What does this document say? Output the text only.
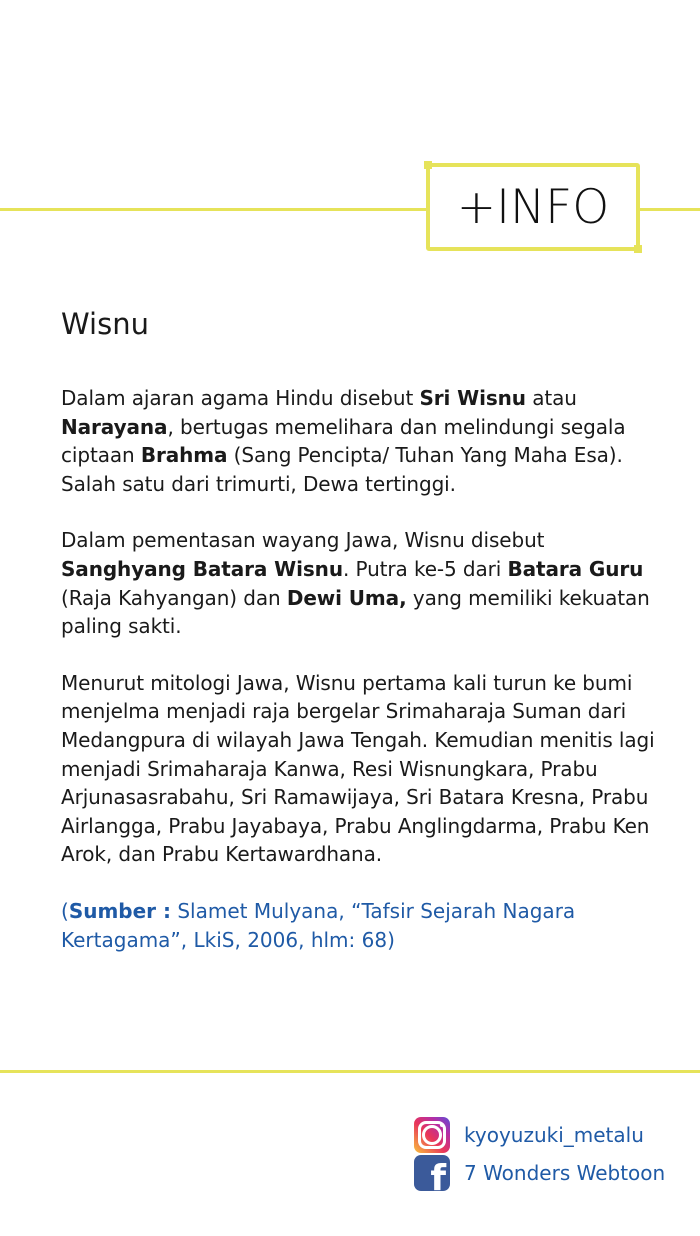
+INFO
Wisnu

Dalam ajaran agama Hindu disebut Sri Wisnu atau Narayana, bertugas memelihara dan melindungi segala ciptaan Brahma (Sang Pencipta/ Tuhan Yang Maha Esa). Salah satu dari trimurti, Dewa tertinggi.

Dalam pementasan wayang Jawa, Wisnu disebut Sanghyang Batara Wisnu. Putra ke-5 dari Batara Guru (Raja Kahyangan) dan Dewi Uma, yang memiliki kekuatan paling sakti.

Menurut mitologi Jawa, Wisnu pertama kali turun ke bumi menjelma menjadi raja bergelar Srimaharaja Suman dari Medangpura di wilayah Jawa Tengah. Kemudian menitis lagi menjadi Srimaharaja Kanwa, Resi Wisnungkara, Prabu Arjunasasrabahu, Sri Ramawijaya, Sri Batara Kresna, Prabu Airlangga, Prabu Jayabaya, Prabu Anglingdarma, Prabu Ken Arok, dan Prabu Kertawardhana.

(Sumber : Slamet Mulyana, “Tafsir Sejarah Nagara Kertagama”, LkiS, 2006, hlm: 68)

kyoyuzuki_metalu
f 7 Wonders Webtoon
